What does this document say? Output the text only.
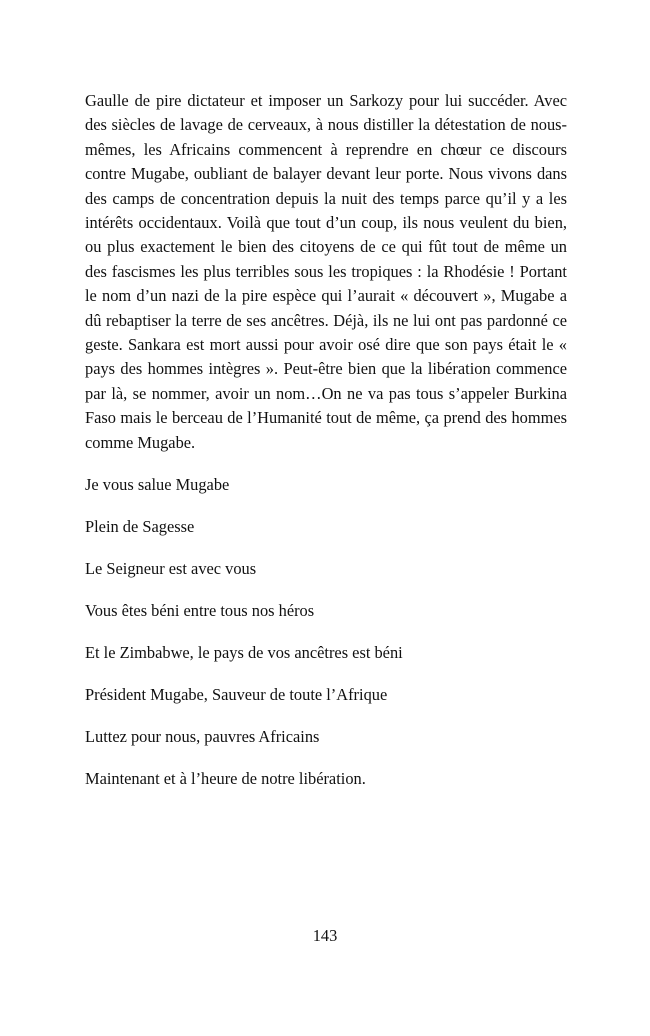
Gaulle de pire dictateur et imposer un Sarkozy pour lui succéder. Avec des siècles de lavage de cerveaux, à nous distiller la détestation de nous-mêmes, les Africains commencent à reprendre en chœur ce discours contre Mugabe, oubliant de balayer devant leur porte. Nous vivons dans des camps de concentration depuis la nuit des temps parce qu’il y a les intérêts occidentaux. Voilà que tout d’un coup, ils nous veulent du bien, ou plus exactement le bien des citoyens de ce qui fût tout de même un des fascismes les plus terribles sous les tropiques : la Rhodésie ! Portant le nom d’un nazi de la pire espèce qui l’aurait « découvert », Mugabe a dû rebaptiser la terre de ses ancêtres. Déjà, ils ne lui ont pas pardonné ce geste. Sankara est mort aussi pour avoir osé dire que son pays était le « pays des hommes intègres ». Peut-être bien que la libération commence par là, se nommer, avoir un nom…On ne va pas tous s’appeler Burkina Faso mais le berceau de l’Humanité tout de même, ça prend des hommes comme Mugabe.

Je vous salue Mugabe
Plein de Sagesse
Le Seigneur est avec vous
Vous êtes béni entre tous nos héros
Et le Zimbabwe, le pays de vos ancêtres est béni
Président Mugabe, Sauveur de toute l’Afrique
Luttez pour nous, pauvres Africains
Maintenant et à l’heure de notre libération.
143
